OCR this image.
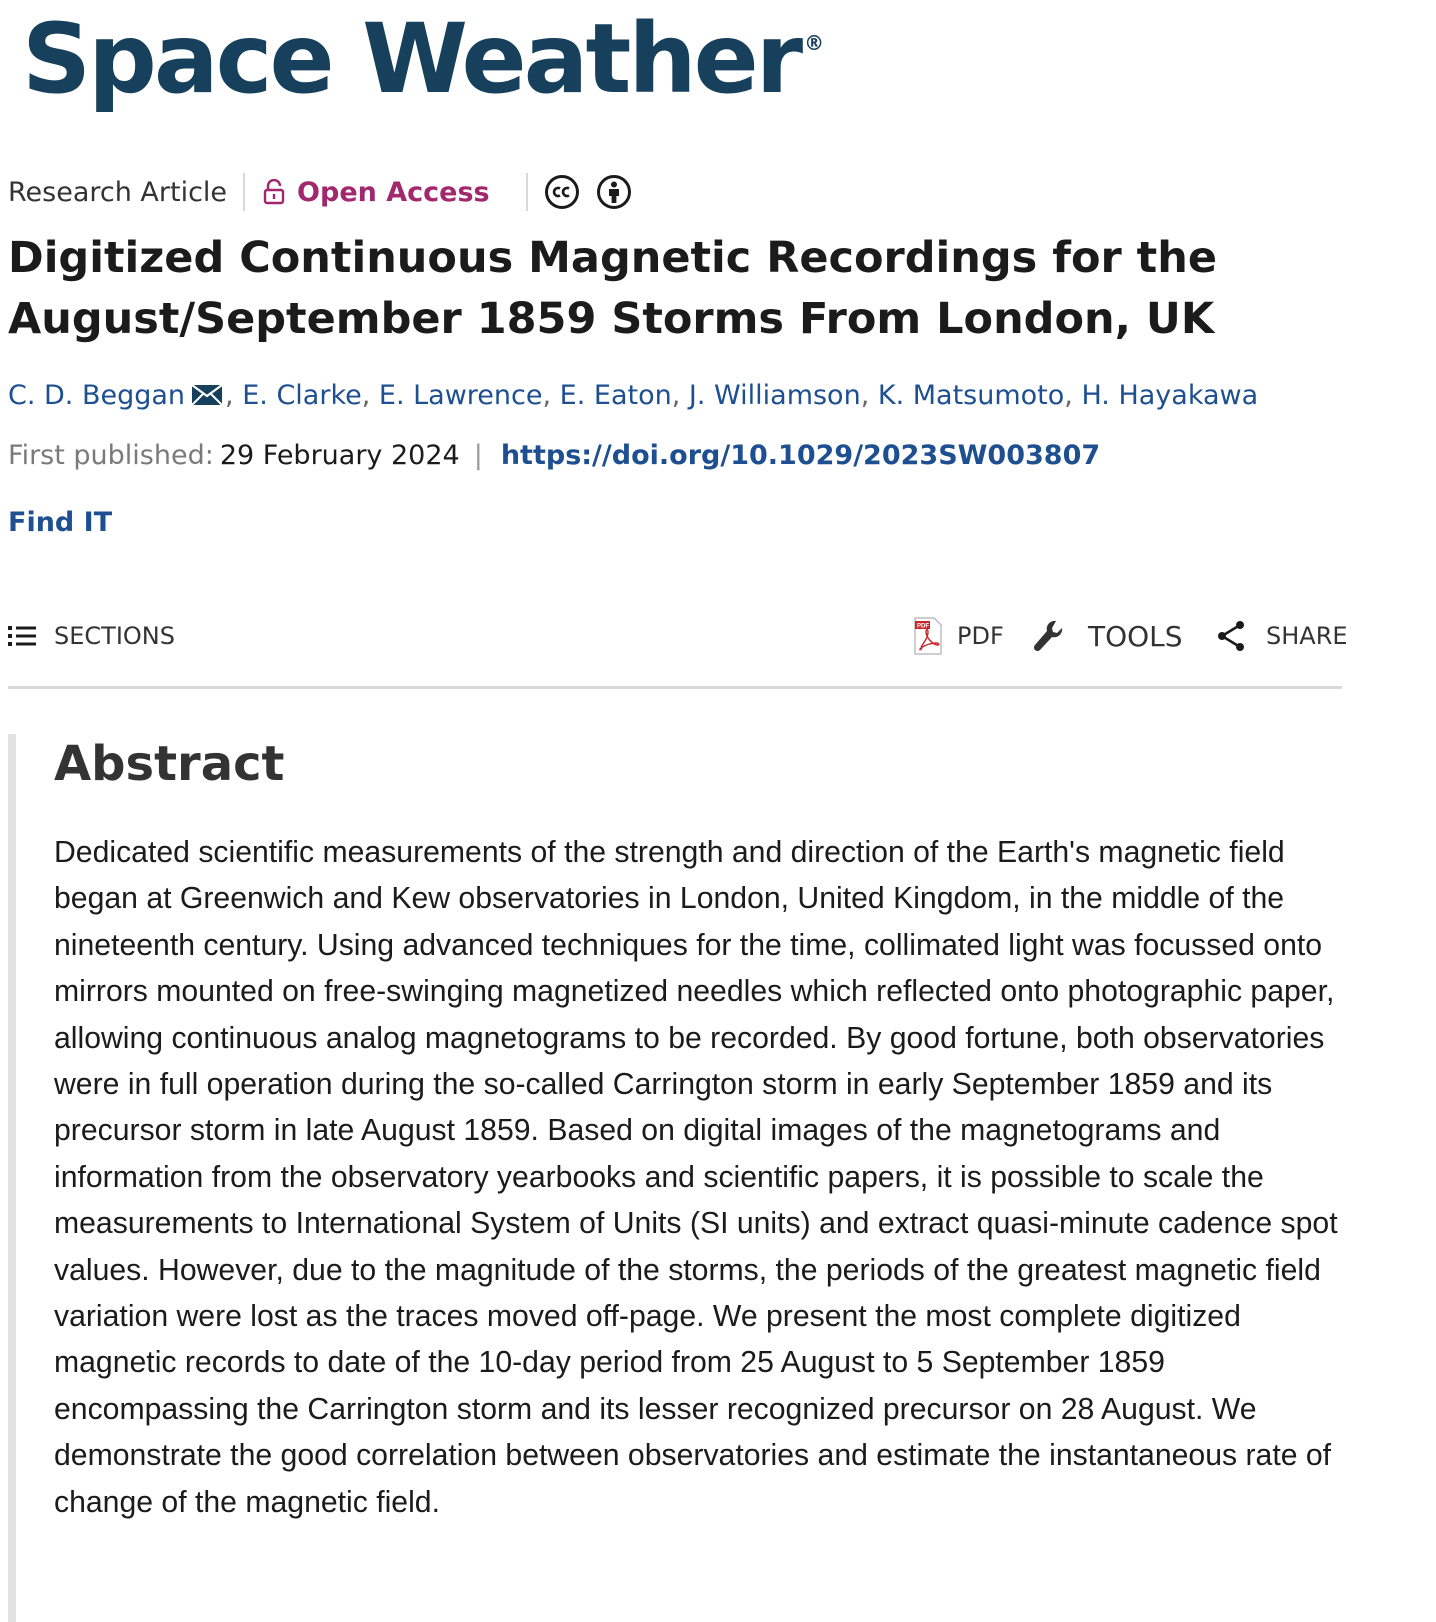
Space Weather ®
Research Article	Open Access
Digitized Continuous Magnetic Recordings for the August/September 1859 Storms From London, UK
C. D. Beggan , E. Clarke , E. Lawrence , E. Eaton , J. Williamson , K. Matsumoto , H. Hayakawa
First published: 29 February 2024 | https://doi.org/10.1029/2023SW003807
Find IT
SECTIONS	PDF PDF	TOOLS	SHARE
Abstract

Dedicated scientific measurements of the strength and direction of the Earth's magnetic field began at Greenwich and Kew observatories in London, United Kingdom, in the middle of the nineteenth century. Using advanced techniques for the time, collimated light was focussed onto mirrors mounted on free-swinging magnetized needles which reflected onto photographic paper, allowing continuous analog magnetograms to be recorded. By good fortune, both observatories were in full operation during the so-called Carrington storm in early September 1859 and its precursor storm in late August 1859. Based on digital images of the magnetograms and information from the observatory yearbooks and scientific papers, it is possible to scale the measurements to International System of Units (SI units) and extract quasi-minute cadence spot values. However, due to the magnitude of the storms, the periods of the greatest magnetic field variation were lost as the traces moved off-page. We present the most complete digitized magnetic records to date of the 10-day period from 25 August to 5 September 1859 encompassing the Carrington storm and its lesser recognized precursor on 28 August. We demonstrate the good correlation between observatories and estimate the instantaneous rate of change of the magnetic field.
